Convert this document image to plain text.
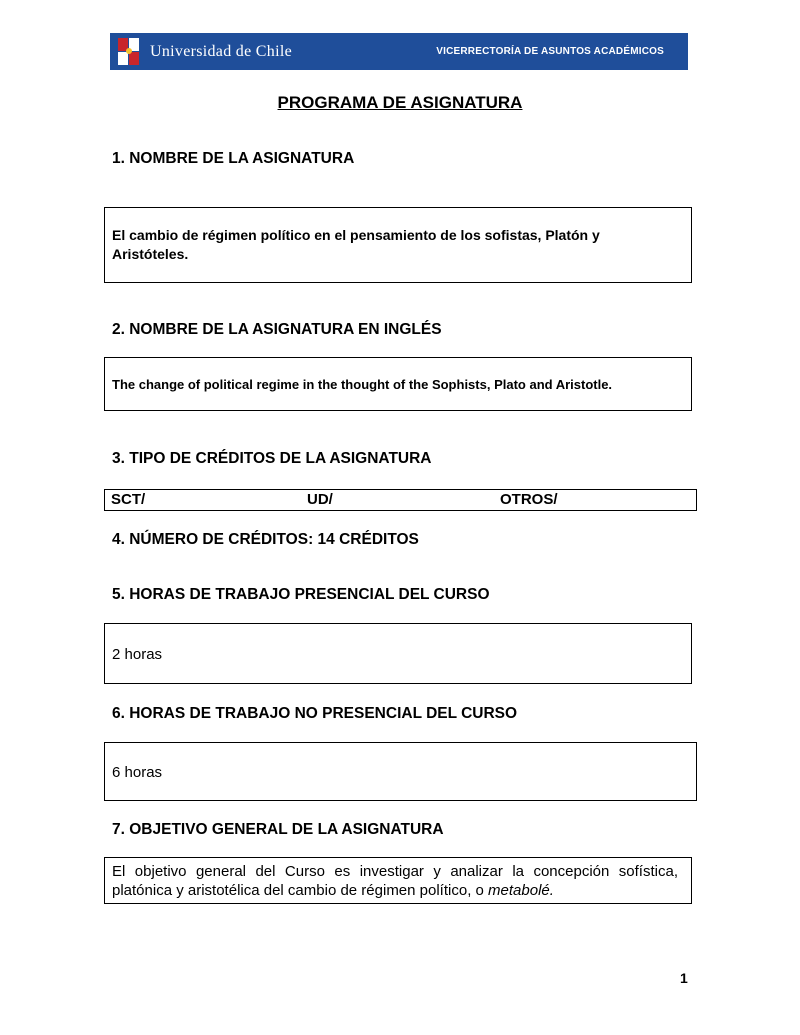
Universidad de Chile	VICERRECTORÍA DE ASUNTOS ACADÉMICOS
PROGRAMA DE ASIGNATURA
1. NOMBRE DE LA ASIGNATURA
El cambio de régimen político en el pensamiento de los sofistas, Platón y Aristóteles.
2. NOMBRE DE LA ASIGNATURA EN INGLÉS
The change of political regime in the thought of the Sophists, Plato and Aristotle.
3. TIPO DE CRÉDITOS DE LA ASIGNATURA
SCT/	UD/	OTROS/
4. NÚMERO DE CRÉDITOS: 14 CRÉDITOS
5. HORAS DE TRABAJO PRESENCIAL DEL CURSO
2 horas
6. HORAS DE TRABAJO NO PRESENCIAL DEL CURSO
6 horas
7. OBJETIVO GENERAL DE LA ASIGNATURA
El objetivo general del Curso es investigar y analizar la concepción sofística, platónica y aristotélica del cambio de régimen político, o metabolé.
1
